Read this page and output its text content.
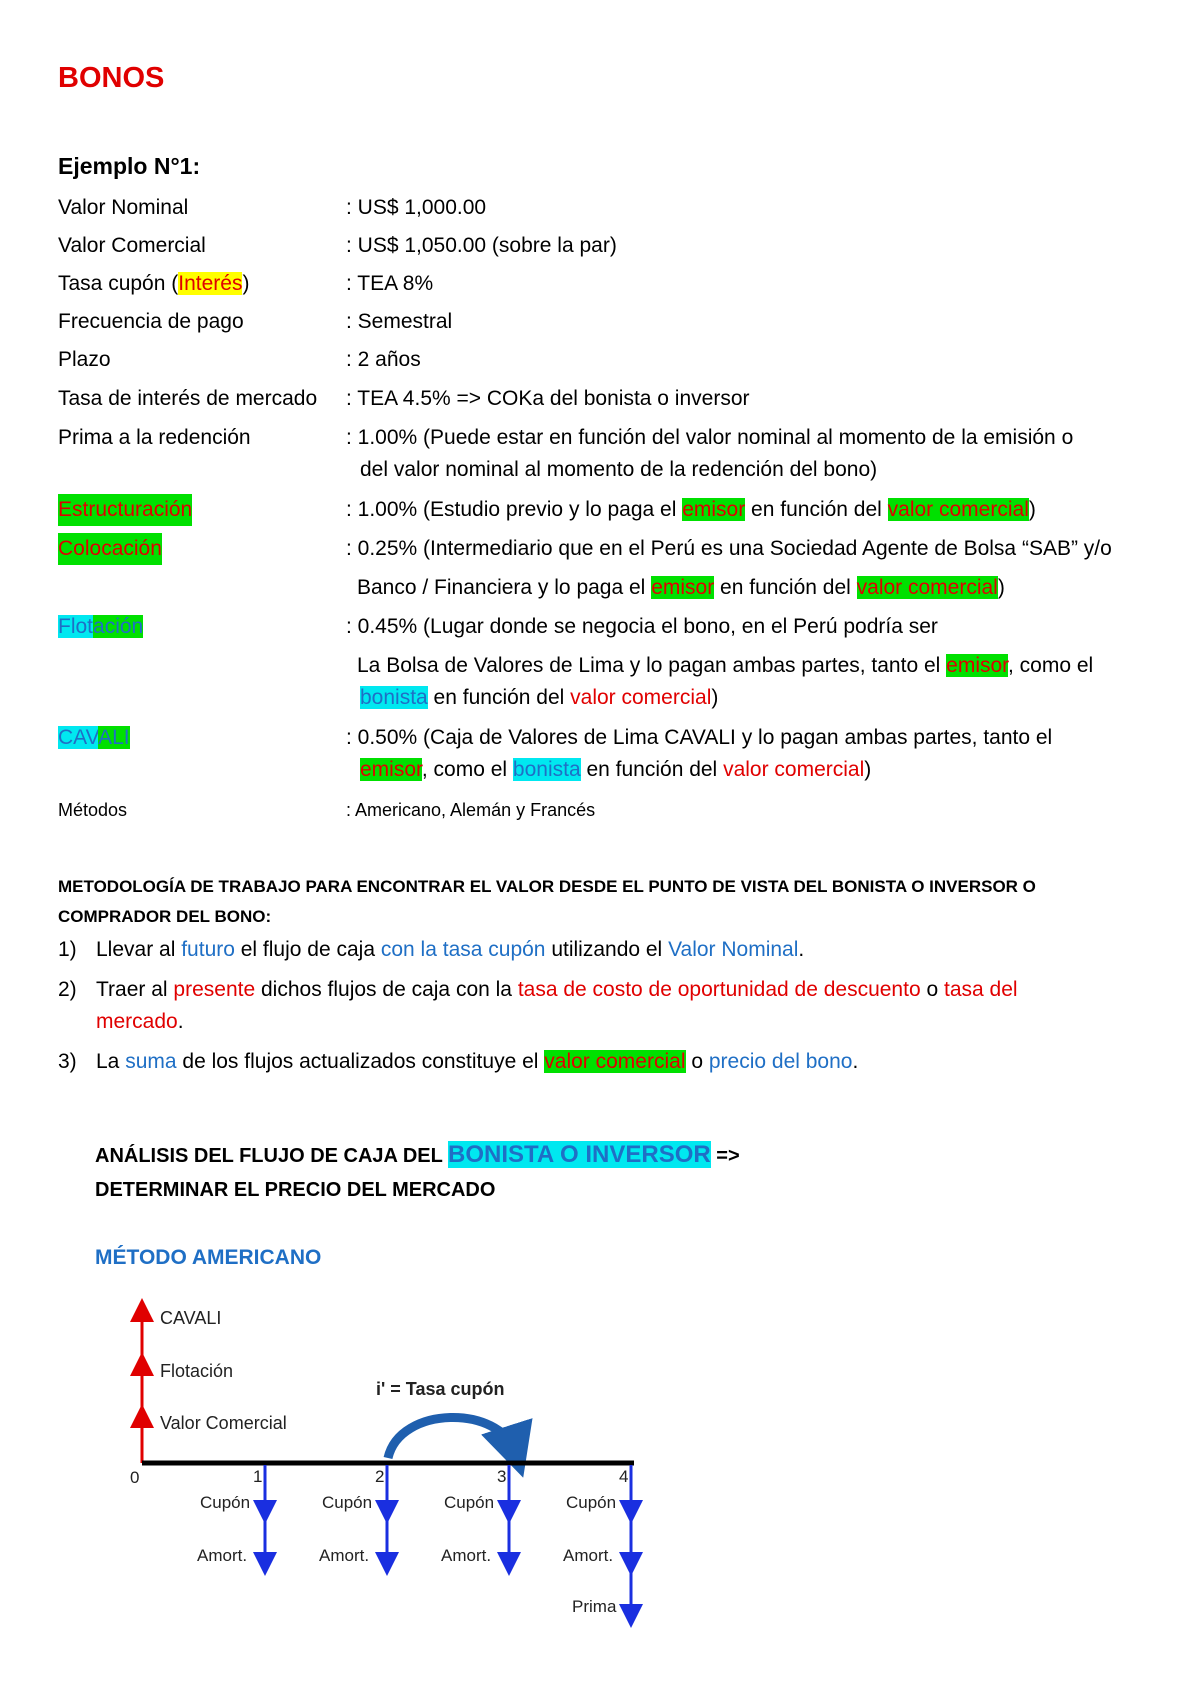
BONOS
Ejemplo N°1:
Valor Nominal	: US$ 1,000.00
Valor Comercial	: US$ 1,050.00 (sobre la par)
Tasa cupón (Interés)	: TEA 8%
Frecuencia de pago	: Semestral
Plazo	: 2 años
Tasa de interés de mercado : TEA 4.5% => COKa del bonista o inversor
Prima a la redención	: 1.00% (Puede estar en función del valor nominal al momento de la emisión o
del valor nominal al momento de la redención del bono)
Estructuración	: 1.00% (Estudio previo y lo paga el emisor en función del valor comercial)
Colocación	: 0.25% (Intermediario que en el Perú es una Sociedad Agente de Bolsa “SAB” y/o
Banco / Financiera y lo paga el emisor en función del valor comercial)
Flotación	: 0.45% (Lugar donde se negocia el bono, en el Perú podría ser
La Bolsa de Valores de Lima y lo pagan ambas partes, tanto el emisor, como el
bonista en función del valor comercial)
CAVALI	: 0.50% (Caja de Valores de Lima CAVALI y lo pagan ambas partes, tanto el
emisor, como el bonista en función del valor comercial)
Métodos	: Americano, Alemán y Francés
METODOLOGÍA DE TRABAJO PARA ENCONTRAR EL VALOR DESDE EL PUNTO DE VISTA DEL BONISTA O INVERSOR O COMPRADOR DEL BONO:
1) Llevar al futuro el flujo de caja con la tasa cupón utilizando el Valor Nominal.
2) Traer al presente dichos flujos de caja con la tasa de costo de oportunidad de descuento o tasa del
mercado.
3) La suma de los flujos actualizados constituye el valor comercial o precio del bono.
ANÁLISIS DEL FLUJO DE CAJA DEL BONISTA O INVERSOR =>
DETERMINAR EL PRECIO DEL MERCADO
MÉTODO AMERICANO
CAVALI
Flotación
Valor Comercial
i' = Tasa cupón
0	1	2	3	4
Cupón
Amort.
Cupón
Amort.
Cupón
Amort.
Cupón
Amort.
Prima
